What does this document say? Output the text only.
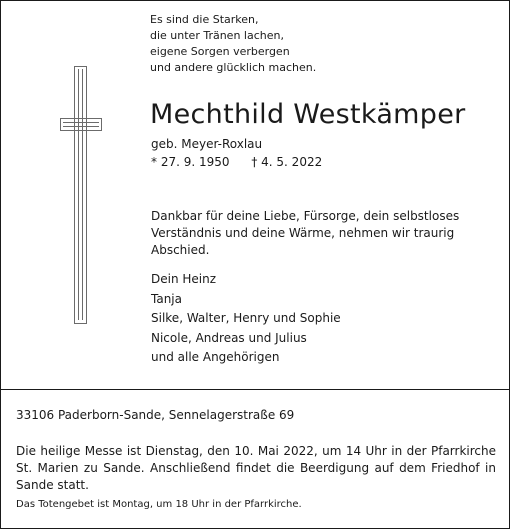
Es sind die Starken,
die unter Tränen lachen,
eigene Sorgen verbergen
und andere glücklich machen.
Mechthild Westkämper
geb. Meyer-Roxlau
* 27. 9. 1950 † 4. 5. 2022
Dankbar für deine Liebe, Fürsorge, dein selbstloses Verständnis und deine Wärme, nehmen wir traurig Abschied.
Dein Heinz
Tanja
Silke, Walter, Henry und Sophie
Nicole, Andreas und Julius
und alle Angehörigen
33106 Paderborn-Sande, Sennelagerstraße 69
Die heilige Messe ist Dienstag, den 10. Mai 2022, um 14 Uhr in der Pfarrkirche St. Marien zu Sande. Anschließend findet die Beerdigung auf dem Friedhof in Sande statt.
Das Totengebet ist Montag, um 18 Uhr in der Pfarrkirche.
